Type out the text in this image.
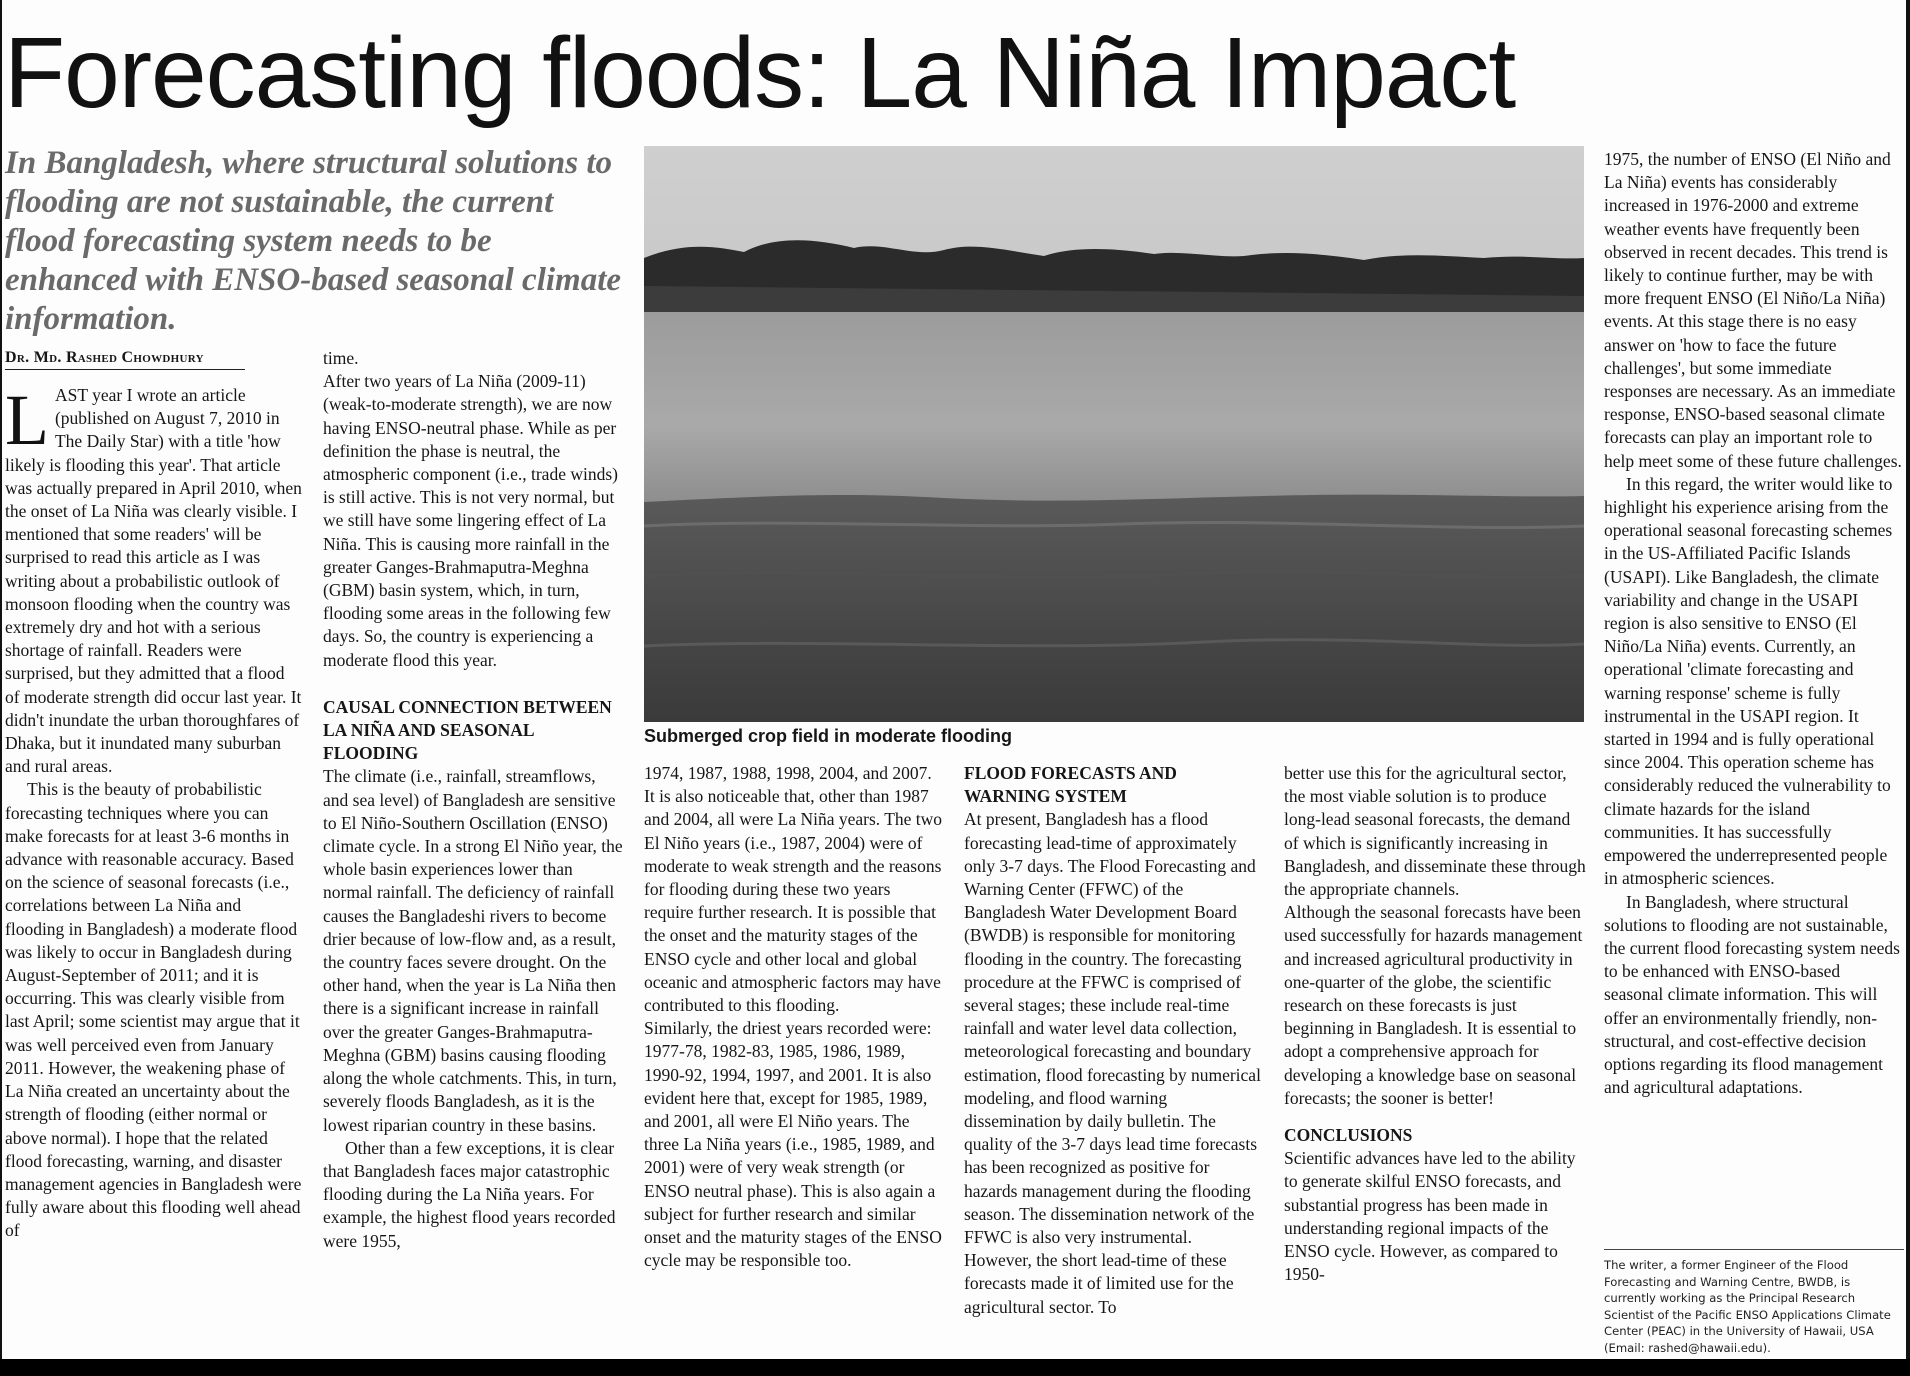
Forecasting floods: La Niña Impact
In Bangladesh, where structural solutions to flooding are not sustainable, the current flood forecasting system needs to be enhanced with ENSO-based seasonal climate information.
Dr. Md. Rashed Chowdhury

LAST year I wrote an article (published on August 7, 2010 in The Daily Star) with a title 'how likely is flooding this year'. That article was actually prepared in April 2010, when the onset of La Niña was clearly visible. I mentioned that some readers' will be surprised to read this article as I was writing about a probabilistic outlook of monsoon flooding when the country was extremely dry and hot with a serious shortage of rainfall. Readers were surprised, but they admitted that a flood of moderate strength did occur last year. It didn't inundate the urban thoroughfares of Dhaka, but it inundated many suburban and rural areas.

This is the beauty of probabilistic forecasting techniques where you can make forecasts for at least 3-6 months in advance with reasonable accuracy. Based on the science of seasonal forecasts (i.e., correlations between La Niña and flooding in Bangladesh) a moderate flood was likely to occur in Bangladesh during August-September of 2011; and it is occurring. This was clearly visible from last April; some scientist may argue that it was well perceived even from January 2011. However, the weakening phase of La Niña created an uncertainty about the strength of flooding (either normal or above normal). I hope that the related flood forecasting, warning, and disaster management agencies in Bangladesh were fully aware about this flooding well ahead of

time.

After two years of La Niña (2009-11) (weak-to-moderate strength), we are now having ENSO-neutral phase. While as per definition the phase is neutral, the atmospheric component (i.e., trade winds) is still active. This is not very normal, but we still have some lingering effect of La Niña. This is causing more rainfall in the greater Ganges-Brahmaputra-Meghna (GBM) basin system, which, in turn, flooding some areas in the following few days. So, the country is experiencing a moderate flood this year.

CAUSAL CONNECTION BETWEEN LA NIÑA AND SEASONAL FLOODING

The climate (i.e., rainfall, streamflows, and sea level) of Bangladesh are sensitive to El Niño-Southern Oscillation (ENSO) climate cycle. In a strong El Niño year, the whole basin experiences lower than normal rainfall. The deficiency of rainfall causes the Bangladeshi rivers to become drier because of low-flow and, as a result, the country faces severe drought. On the other hand, when the year is La Niña then there is a significant increase in rainfall over the greater Ganges-Brahmaputra-Meghna (GBM) basins causing flooding along the whole catchments. This, in turn, severely floods Bangladesh, as it is the lowest riparian country in these basins.

Other than a few exceptions, it is clear that Bangladesh faces major catastrophic flooding during the La Niña years. For example, the highest flood years recorded were 1955,

Submerged crop field in moderate flooding

1974, 1987, 1988, 1998, 2004, and 2007. It is also noticeable that, other than 1987 and 2004, all were La Niña years. The two El Niño years (i.e., 1987, 2004) were of moderate to weak strength and the reasons for flooding during these two years require further research. It is possible that the onset and the maturity stages of the ENSO cycle and other local and global oceanic and atmospheric factors may have contributed to this flooding.

Similarly, the driest years recorded were: 1977-78, 1982-83, 1985, 1986, 1989, 1990-92, 1994, 1997, and 2001. It is also evident here that, except for 1985, 1989, and 2001, all were El Niño years. The three La Niña years (i.e., 1985, 1989, and 2001) were of very weak strength (or ENSO neutral phase). This is also again a subject for further research and similar onset and the maturity stages of the ENSO cycle may be responsible too.

FLOOD FORECASTS AND WARNING SYSTEM

At present, Bangladesh has a flood forecasting lead-time of approximately only 3-7 days. The Flood Forecasting and Warning Center (FFWC) of the Bangladesh Water Development Board (BWDB) is responsible for monitoring flooding in the country. The forecasting procedure at the FFWC is comprised of several stages; these include real-time rainfall and water level data collection, meteorological forecasting and boundary estimation, flood forecasting by numerical modeling, and flood warning dissemination by daily bulletin. The quality of the 3-7 days lead time forecasts has been recognized as positive for hazards management during the flooding season. The dissemination network of the FFWC is also very instrumental. However, the short lead-time of these forecasts made it of limited use for the agricultural sector. To

better use this for the agricultural sector, the most viable solution is to produce long-lead seasonal forecasts, the demand of which is significantly increasing in Bangladesh, and disseminate these through the appropriate channels.

Although the seasonal forecasts have been used successfully for hazards management and increased agricultural productivity in one-quarter of the globe, the scientific research on these forecasts is just beginning in Bangladesh. It is essential to adopt a comprehensive approach for developing a knowledge base on seasonal forecasts; the sooner is better!

CONCLUSIONS

Scientific advances have led to the ability to generate skilful ENSO forecasts, and substantial progress has been made in understanding regional impacts of the ENSO cycle. However, as compared to 1950-

1975, the number of ENSO (El Niño and La Niña) events has considerably increased in 1976-2000 and extreme weather events have frequently been observed in recent decades. This trend is likely to continue further, may be with more frequent ENSO (El Niño/La Niña) events. At this stage there is no easy answer on 'how to face the future challenges', but some immediate responses are necessary. As an immediate response, ENSO-based seasonal climate forecasts can play an important role to help meet some of these future challenges.

In this regard, the writer would like to highlight his experience arising from the operational seasonal forecasting schemes in the US-Affiliated Pacific Islands (USAPI). Like Bangladesh, the climate variability and change in the USAPI region is also sensitive to ENSO (El Niño/La Niña) events. Currently, an operational 'climate forecasting and warning response' scheme is fully instrumental in the USAPI region. It started in 1994 and is fully operational since 2004. This operation scheme has considerably reduced the vulnerability to climate hazards for the island communities. It has successfully empowered the underrepresented people in atmospheric sciences.

In Bangladesh, where structural solutions to flooding are not sustainable, the current flood forecasting system needs to be enhanced with ENSO-based seasonal climate information. This will offer an environmentally friendly, non-structural, and cost-effective decision options regarding its flood management and agricultural adaptations.

The writer, a former Engineer of the Flood Forecasting and Warning Centre, BWDB, is currently working as the Principal Research Scientist of the Pacific ENSO Applications Climate Center (PEAC) in the University of Hawaii, USA (Email: rashed@hawaii.edu).
